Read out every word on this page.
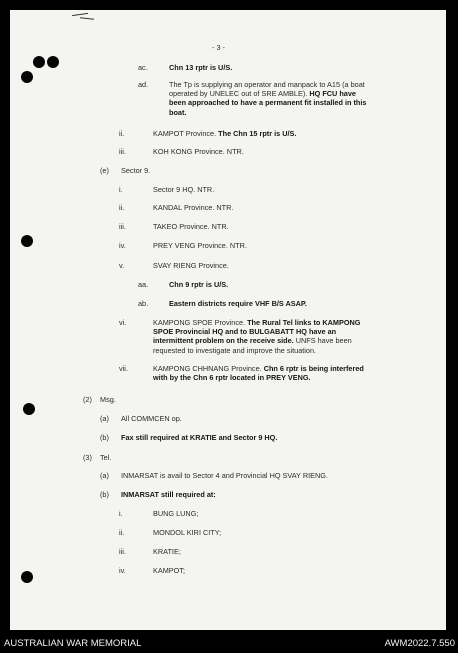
- 3 -
ac.	Chn 13 rptr is U/S.
ad.	The Tp is supplying an operator and manpack to A15 (a boat
operated by UNELEC out of SRE AMBLE). HQ FCU have
been approached to have a permanent fit installed in this
boat.
ii.	KAMPOT Province. The Chn 15 rptr is U/S.
iii.	KOH KONG Province. NTR.
(e) Sector 9.
i.	Sector 9 HQ. NTR.
ii.	KANDAL Province. NTR.
iii.	TAKEO Province. NTR.
iv.	PREY VENG Province. NTR.
v.	SVAY RIENG Province.
aa.	Chn 9 rptr is U/S.
ab.	Eastern districts require VHF B/S ASAP.
vi.	KAMPONG SPOE Province. The Rural Tel links to KAMPONG
SPOE Provincial HQ and to BULGABATT HQ have an
intermittent problem on the receive side. UNFS have been
requested to investigate and improve the situation.
vii.	KAMPONG CHHNANG Province. Chn 6 rptr is being interfered
with by the Chn 6 rptr located in PREY VENG.
(2) Msg.
(a) All COMMCEN op.
(b) Fax still required at KRATIE and Sector 9 HQ.
(3) Tel.
(a) INMARSAT is avail to Sector 4 and Provincial HQ SVAY RIENG.
(b) INMARSAT still required at:
i.	BUNG LUNG;
ii.	MONDOL KIRI CITY;
iii.	KRATIE;
iv.	KAMPOT;
AUSTRALIAN WAR MEMORIAL	AWM2022.7.550
